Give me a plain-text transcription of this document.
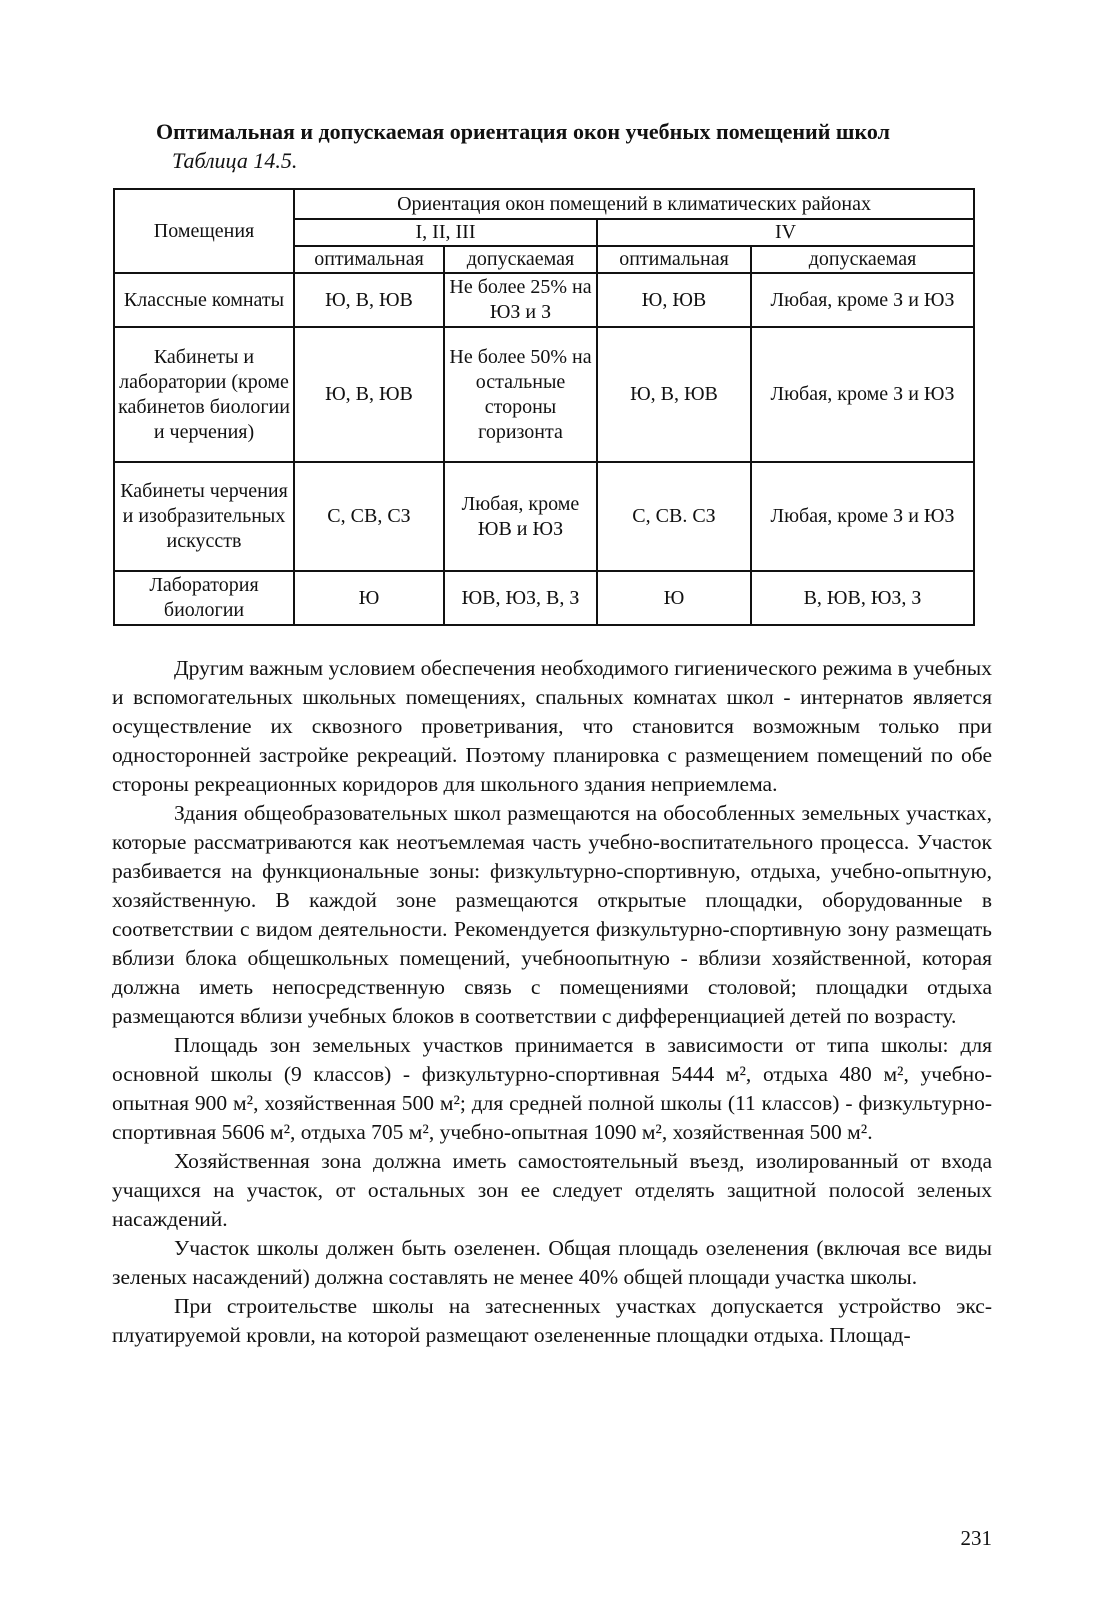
Оптимальная и допускаемая ориентация окон учебных помещений школ
Таблица 14.5.
Помещения	Ориентация окон помещений в климатических районах			
	I, II, III		IV	
	оптимальная	допускаемая	оптимальная	допускаемая
Классные комнаты	Ю, В, ЮВ	Не более 25% на ЮЗ и З	Ю, ЮВ	Любая, кроме З и ЮЗ
Кабинеты и лаборатории (кроме кабинетов биологии и черчения)	Ю, В, ЮВ	Не более 50% на остальные стороны горизонта	Ю, В, ЮВ	Любая, кроме З и ЮЗ
Кабинеты черчения и изобразительных искусств	С, СВ, СЗ	Любая, кроме ЮВ и ЮЗ	С, СВ. СЗ	Любая, кроме З и ЮЗ
Лаборатория биологии	Ю	ЮВ, ЮЗ, В, З	Ю	В, ЮВ, ЮЗ, З

Другим важным условием обеспечения необходимого гигиенического режима в учебных и вспомогательных школьных помещениях, спальных комнатах школ - интернатов является осуществление их сквозного проветривания, что становится возможным только при односторонней застройке рекреаций. Поэтому планировка с размещением помещений по обе стороны рекреационных коридоров для школьного здания неприемлема.

Здания общеобразовательных школ размещаются на обособленных земельных участках, которые рассматриваются как неотъемлемая часть учебно-воспитательного процесса. Участок разбивается на функциональные зоны: физкультурно-спортивную, отдыха, учебно-опытную, хозяйственную. В каждой зоне размещаются открытые площадки, оборудованные в соответствии с видом деятельности. Рекомендуется физкультурно-спортивную зону размещать вблизи блока общешкольных помещений, учебноопытную - вблизи хозяйственной, которая должна иметь непосредственную связь с помещениями столовой; площадки отдыха размещаются вблизи учебных блоков в соответствии с дифференциацией детей по возрасту.

Площадь зон земельных участков принимается в зависимости от типа школы: для основной школы (9 классов) - физкультурно-спортивная 5444 м², отдыха 480 м², учебно-опытная 900 м², хозяйственная 500 м²; для средней полной школы (11 классов) - физкультурно-спортивная 5606 м², отдыха 705 м², учебно-опытная 1090 м², хозяйственная 500 м².

Хозяйственная зона должна иметь самостоятельный въезд, изолированный от входа учащихся на участок, от остальных зон ее следует отделять защитной полосой зеленых насаждений.

Участок школы должен быть озеленен. Общая площадь озеленения (включая все виды зеленых насаждений) должна составлять не менее 40% общей площади участка школы.

При строительстве школы на затесненных участках допускается устройство эксплуатируемой кровли, на которой размещают озелененные площадки отдыха. Площад-

231
